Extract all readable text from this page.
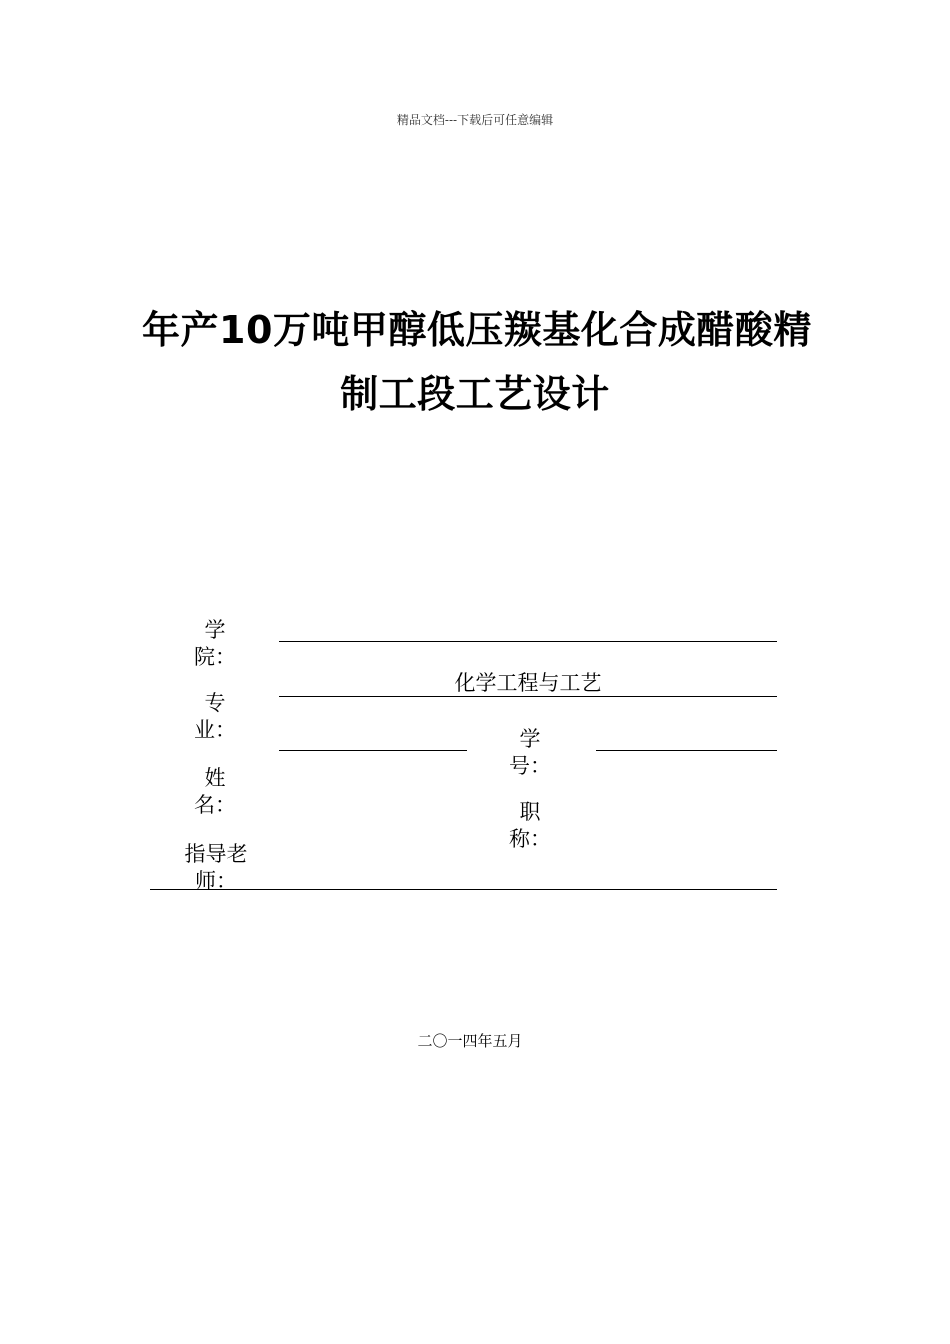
精品文档---下载后可任意编辑
年产10万吨甲醇低压羰基化合成醋酸精
制工段工艺设计
学
院：
化学工程与工艺
专
业：	学
号：
姓
名：	职
称：
指导老
师：
二〇一四年五月
